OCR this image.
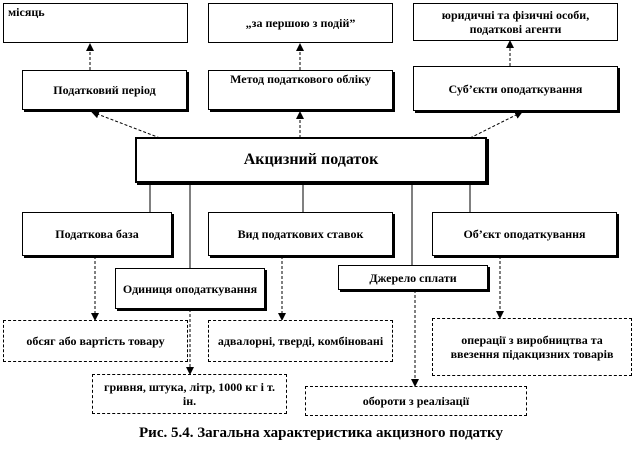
місяць
„за першою з подій”
юридичні та фізичні особи, податкові агенти
Податковий період
Метод податкового обліку
Суб’єкти оподаткування
Акцизний податок
Податкова база	Вид податкових ставок	Об’єкт оподаткування
Одиниця оподаткування
Джерело сплати
обсяг або вартість товару	адвалорні, тверді, комбіновані	операції з виробництва та ввезення підакцизних товарів
гривня, штука, літр, 1000 кг і т. ін.	обороти з реалізації
Рис. 5.4. Загальна характеристика акцизного податку
